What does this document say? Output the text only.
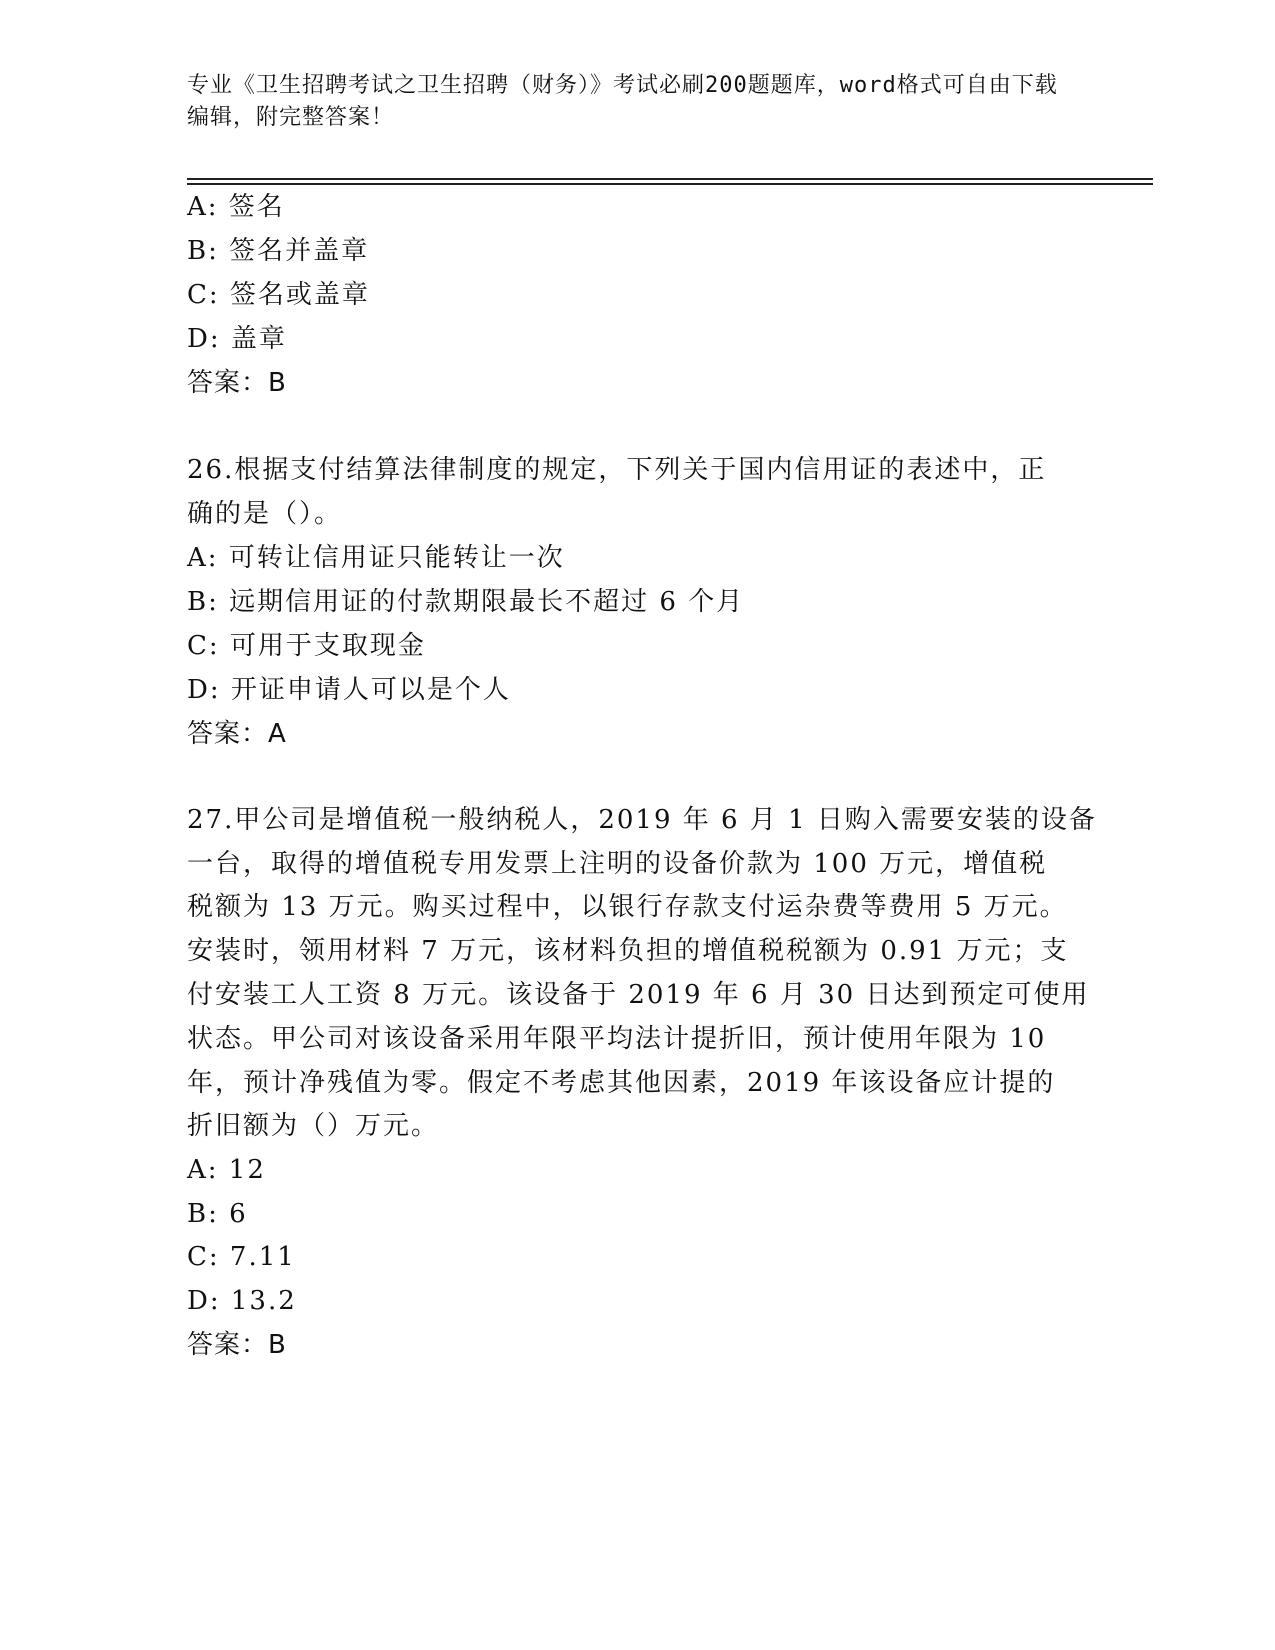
专业《卫生招聘考试之卫生招聘（财务）》考试必刷200题题库，word格式可自由下载编辑，附完整答案！
A: 签名
B: 签名并盖章
C: 签名或盖章
D: 盖章
答案：B
26.根据支付结算法律制度的规定，下列关于国内信用证的表述中，正
确的是（）。
A: 可转让信用证只能转让一次
B: 远期信用证的付款期限最长不超过 6 个月
C: 可用于支取现金
D: 开证申请人可以是个人
答案：A
27.甲公司是增值税一般纳税人，2019 年 6 月 1 日购入需要安装的设备
一台，取得的增值税专用发票上注明的设备价款为 100 万元，增值税
税额为 13 万元。购买过程中，以银行存款支付运杂费等费用 5 万元。
安装时，领用材料 7 万元，该材料负担的增值税税额为 0.91 万元；支
付安装工人工资 8 万元。该设备于 2019 年 6 月 30 日达到预定可使用
状态。甲公司对该设备采用年限平均法计提折旧，预计使用年限为 10
年，预计净残值为零。假定不考虑其他因素，2019 年该设备应计提的
折旧额为（）万元。
A: 12
B: 6
C: 7.11
D: 13.2
答案：B
